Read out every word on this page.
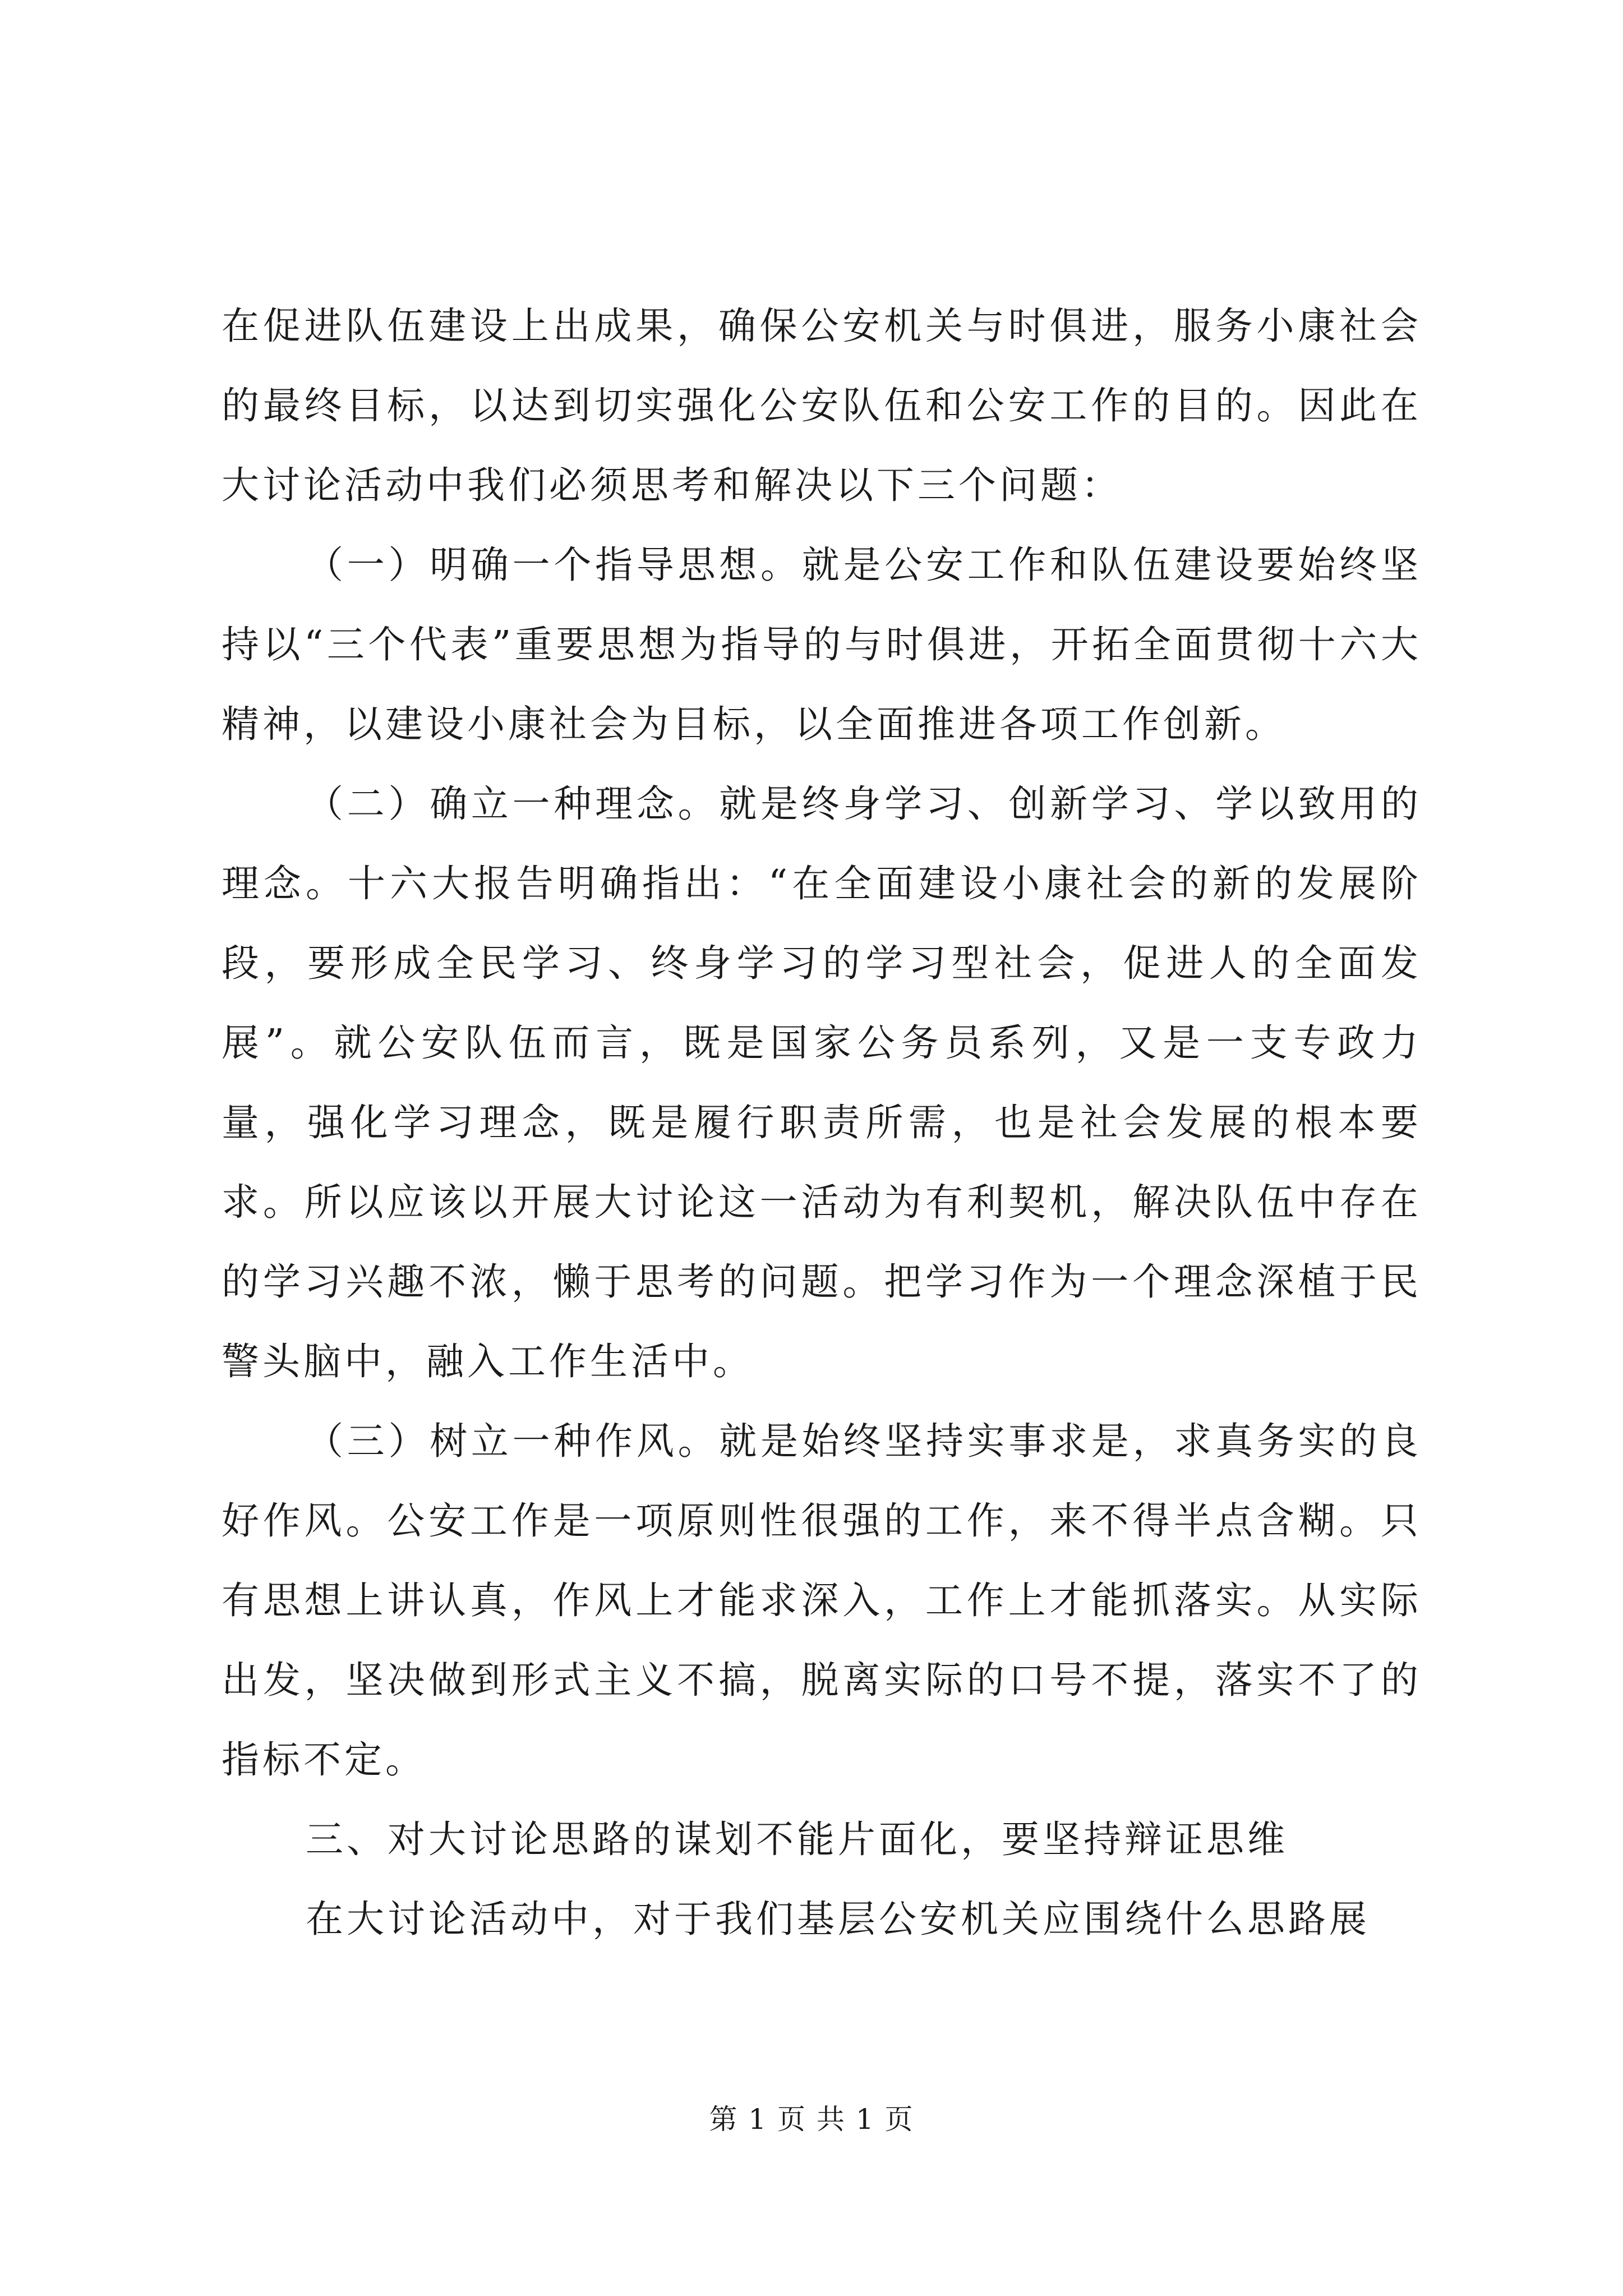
在促进队伍建设上出成果，确保公安机关与时俱进，服务小康社会的最终目标，以达到切实强化公安队伍和公安工作的目的。因此在大讨论活动中我们必须思考和解决以下三个问题：

（一）明确一个指导思想。就是公安工作和队伍建设要始终坚持以“三个代表”重要思想为指导的与时俱进，开拓全面贯彻十六大精神，以建设小康社会为目标，以全面推进各项工作创新。

（二）确立一种理念。就是终身学习、创新学习、学以致用的理念。十六大报告明确指出：“在全面建设小康社会的新的发展阶段，要形成全民学习、终身学习的学习型社会，促进人的全面发展”。就公安队伍而言，既是国家公务员系列，又是一支专政力量，强化学习理念，既是履行职责所需，也是社会发展的根本要求。所以应该以开展大讨论这一活动为有利契机，解决队伍中存在的学习兴趣不浓，懒于思考的问题。把学习作为一个理念深植于民警头脑中，融入工作生活中。

（三）树立一种作风。就是始终坚持实事求是，求真务实的良好作风。公安工作是一项原则性很强的工作，来不得半点含糊。只有思想上讲认真，作风上才能求深入，工作上才能抓落实。从实际出发，坚决做到形式主义不搞，脱离实际的口号不提，落实不了的指标不定。

三、对大讨论思路的谋划不能片面化，要坚持辩证思维

在大讨论活动中，对于我们基层公安机关应围绕什么思路展

第 1 页 共 1 页
